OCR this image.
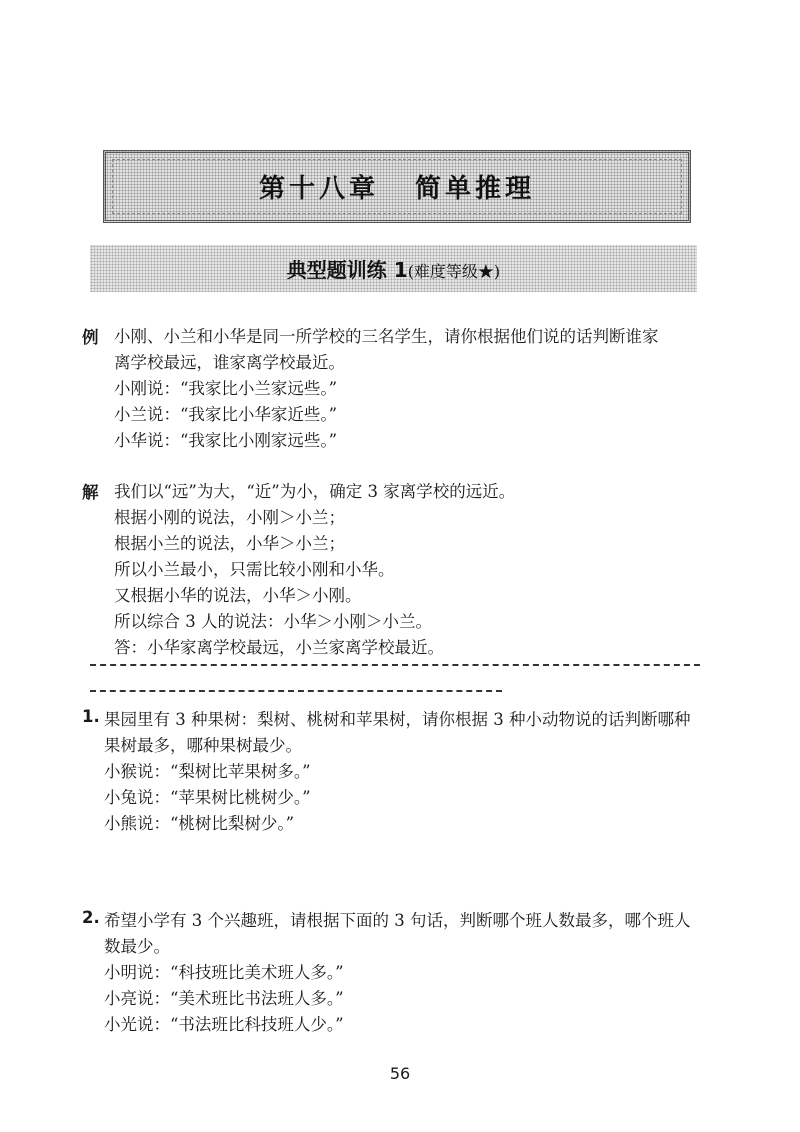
第十八章 简单推理
典型题训练 1(难度等级★)
例 小刚、小兰和小华是同一所学校的三名学生，请你根据他们说的话判断谁家
离学校最远，谁家离学校最近。
小刚说：“我家比小兰家远些。”
小兰说：“我家比小华家近些。”
小华说：“我家比小刚家远些。”
解 我们以“远”为大，“近”为小，确定 3 家离学校的远近。
根据小刚的说法，小刚＞小兰；
根据小兰的说法，小华＞小兰；
所以小兰最小，只需比较小刚和小华。
又根据小华的说法，小华＞小刚。
所以综合 3 人的说法：小华＞小刚＞小兰。
答：小华家离学校最远，小兰家离学校最近。
1. 果园里有 3 种果树：梨树、桃树和苹果树，请你根据 3 种小动物说的话判断哪种
果树最多，哪种果树最少。
小猴说：“梨树比苹果树多。”
小兔说：“苹果树比桃树少。”
小熊说：“桃树比梨树少。”
2. 希望小学有 3 个兴趣班，请根据下面的 3 句话，判断哪个班人数最多，哪个班人
数最少。
小明说：“科技班比美术班人多。”
小亮说：“美术班比书法班人多。”
小光说：“书法班比科技班人少。”
56
